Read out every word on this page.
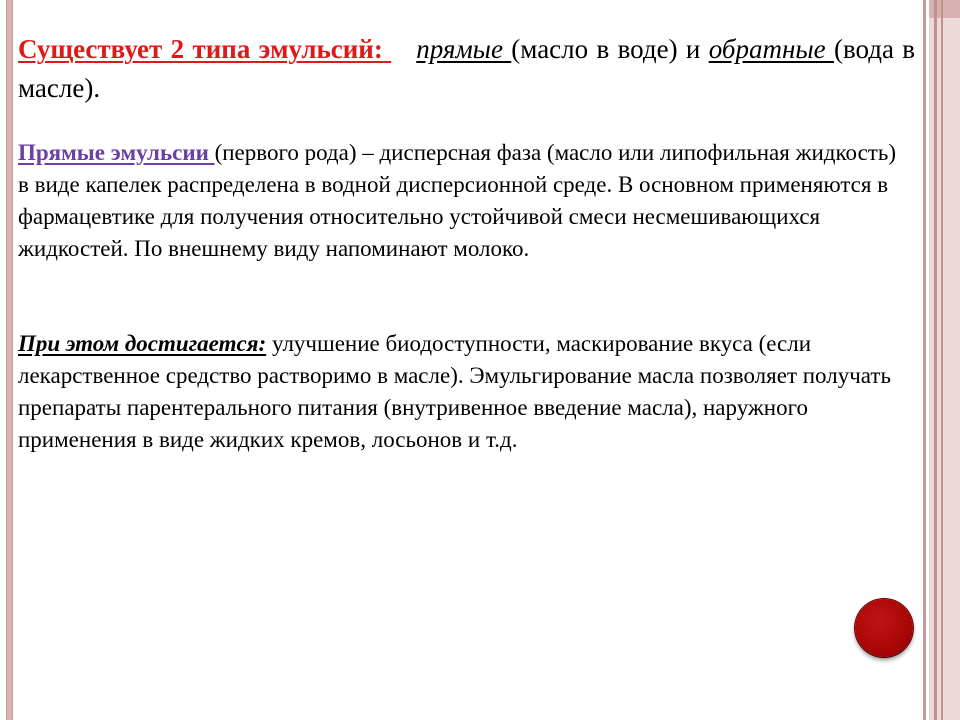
Существует 2 типа эмульсий: прямые (масло в воде) и обратные (вода в масле).

Прямые эмульсии (первого рода) – дисперсная фаза (масло или липофильная жидкость) в виде капелек распределена в водной дисперсионной среде. В основном применяются в фармацевтике для получения относительно устойчивой смеси несмешивающихся жидкостей. По внешнему виду напоминают молоко.

При этом достигается: улучшение биодоступности, маскирование вкуса (если лекарственное средство растворимо в масле). Эмульгирование масла позволяет получать препараты парентерального питания (внутривенное введение масла), наружного применения в виде жидких кремов, лосьонов и т.д.
